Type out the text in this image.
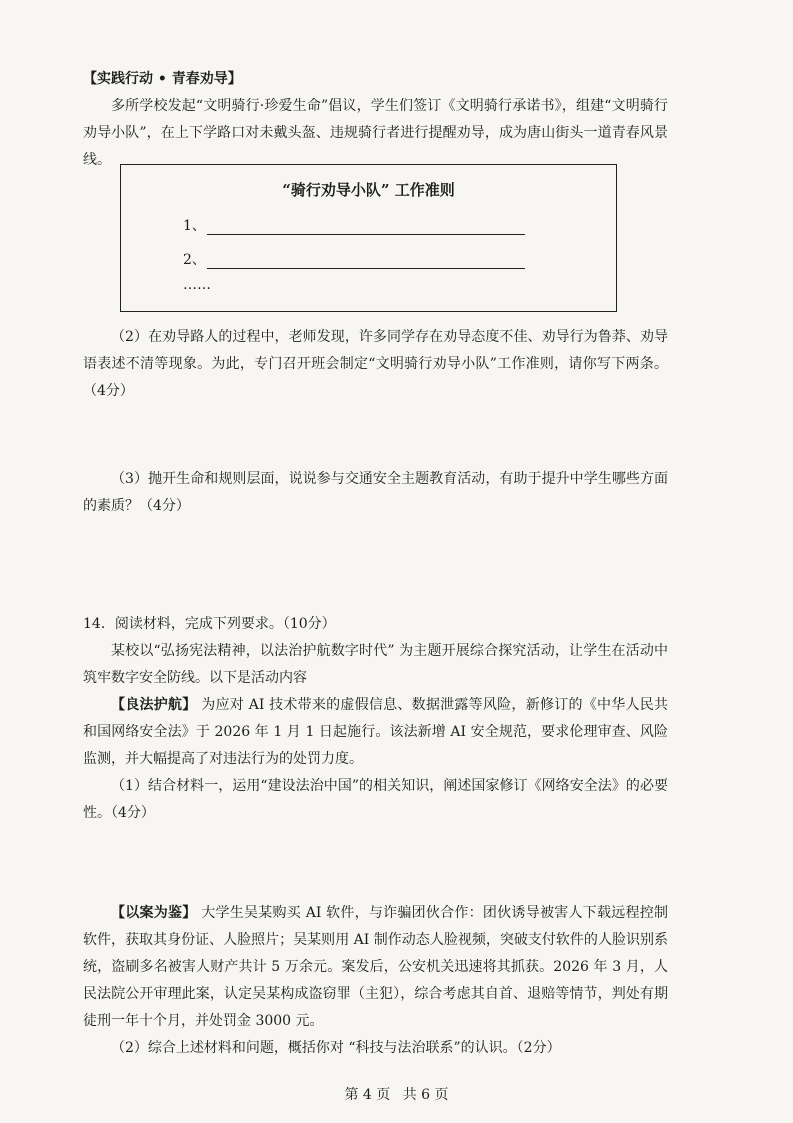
【实践行动 • 青春劝导】

多所学校发起“文明骑行·珍爱生命”倡议，学生们签订《文明骑行承诺书》，组建“文明骑行劝导小队”，在上下学路口对未戴头盔、违规骑行者进行提醒劝导，成为唐山街头一道青春风景线。

“骑行劝导小队” 工作准则
1、
2、
……

（2）在劝导路人的过程中，老师发现，许多同学存在劝导态度不佳、劝导行为鲁莽、劝导语表述不清等现象。为此，专门召开班会制定“文明骑行劝导小队”工作准则，请你写下两条。（4分）

（3）抛开生命和规则层面，说说参与交通安全主题教育活动，有助于提升中学生哪些方面的素质？（4分）

14．阅读材料，完成下列要求。（10分）

某校以“弘扬宪法精神，以法治护航数字时代” 为主题开展综合探究活动，让学生在活动中筑牢数字安全防线。以下是活动内容

【良法护航】 为应对 AI 技术带来的虚假信息、数据泄露等风险，新修订的《中华人民共和国网络安全法》于 2026 年 1 月 1 日起施行。该法新增 AI 安全规范，要求伦理审查、风险监测，并大幅提高了对违法行为的处罚力度。

（1）结合材料一，运用“建设法治中国”的相关知识，阐述国家修订《网络安全法》的必要性。（4分）

【以案为鉴】 大学生吴某购买 AI 软件，与诈骗团伙合作：团伙诱导被害人下载远程控制软件，获取其身份证、人脸照片；吴某则用 AI 制作动态人脸视频，突破支付软件的人脸识别系统，盗刷多名被害人财产共计 5 万余元。案发后，公安机关迅速将其抓获。2026 年 3 月，人民法院公开审理此案，认定吴某构成盗窃罪（主犯），综合考虑其自首、退赔等情节，判处有期徒刑一年十个月，并处罚金 3000 元。

（2）综合上述材料和问题，概括你对 “科技与法治联系”的认识。（2分）

第 4 页 共 6 页
